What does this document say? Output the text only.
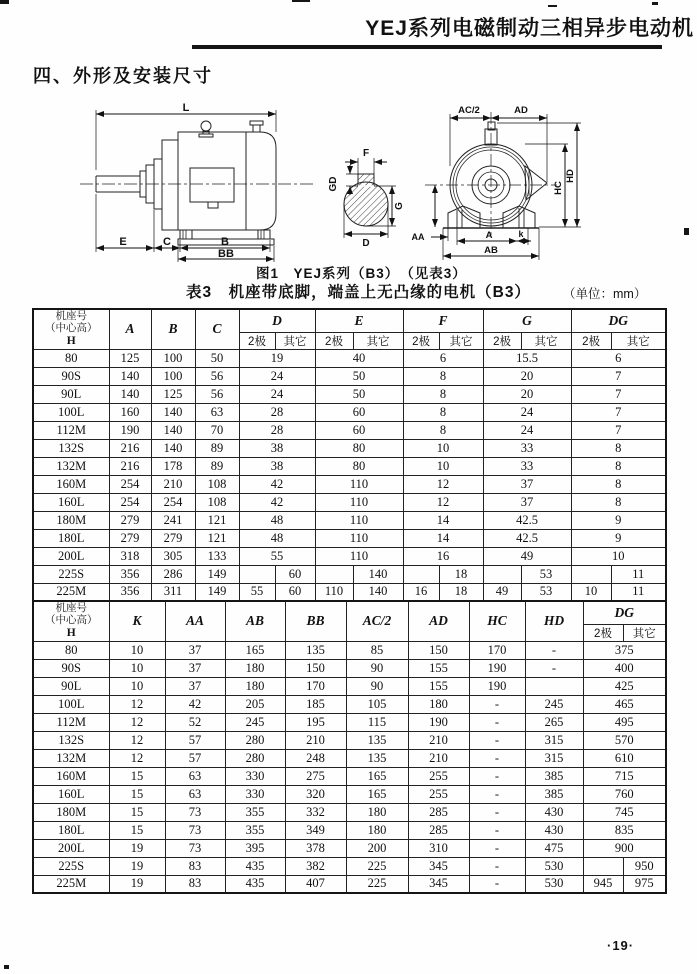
YEJ系列电磁制动三相异步电动机
四、外形及安装尺寸
L
E	C	B
BB
F
GD
G
D
AC/2	AD
HC
HD
AA	A	k
AB
图1　YEJ系列（B3）　（见表3）
表3　机座带底脚，端盖上无凸缘的电机（B3）	（单位：mm）
机座号
（中心高）
H	A	B	C	D		E		F		G		DG	
				2极	其它	2极	其它	2极	其它	2极	其它	2极	其它
80	125	100	50	19		40		6		15.5		6	
90S	140	100	56	24		50		8		20		7	
90L	140	125	56	24		50		8		20		7	
100L	160	140	63	28		60		8		24		7	
112M	190	140	70	28		60		8		24		7	
132S	216	140	89	38		80		10		33		8	
132M	216	178	89	38		80		10		33		8	
160M	254	210	108	42		110		12		37		8	
160L	254	254	108	42		110		12		37		8	
180M	279	241	121	48		110		14		42.5		9	
180L	279	279	121	48		110		14		42.5		9	
200L	318	305	133	55		110		16		49		10	
225S	356	286	149		60		140		18		53		11
225M	356	311	149	55	60	110	140	16	18	49	53	10	11
机座号
（中心高）
H	K	AA	AB	BB	AC/2	AD	HC	HD	DG	
									2极	其它
80	10	37	165	135	85	150	170	-	375	
90S	10	37	180	150	90	155	190	-	400	
90L	10	37	180	170	90	155	190		425	
100L	12	42	205	185	105	180	-	245	465	
112M	12	52	245	195	115	190	-	265	495	
132S	12	57	280	210	135	210	-	315	570	
132M	12	57	280	248	135	210	-	315	610	
160M	15	63	330	275	165	255	-	385	715	
160L	15	63	330	320	165	255	-	385	760	
180M	15	73	355	332	180	285	-	430	745	
180L	15	73	355	349	180	285	-	430	835	
200L	19	73	395	378	200	310	-	475	900	
225S	19	83	435	382	225	345	-	530		950
225M	19	83	435	407	225	345	-	530	945	975
·19·
